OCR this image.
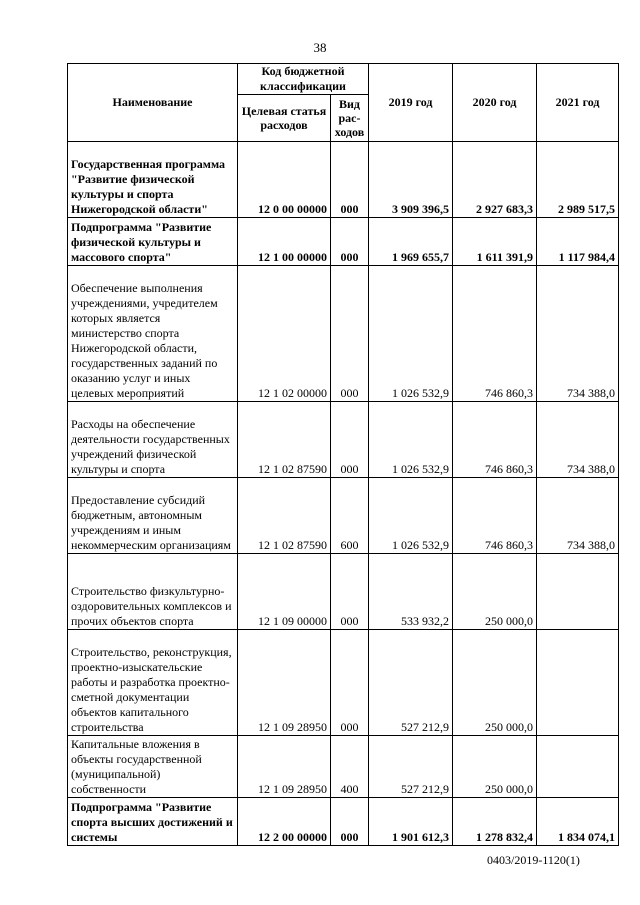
38
Наименование	Код бюджетной классификации		2019 год	2020 год	2021 год
	Целевая статья расходов	Вид рас-ходов			
Государственная программа "Развитие физической культуры и спорта Нижегородской области"	12 0 00 00000	000	3 909 396,5	2 927 683,3	2 989 517,5
Подпрограмма "Развитие физической культуры и массового спорта"	12 1 00 00000	000	1 969 655,7	1 611 391,9	1 117 984,4
Обеспечение выполнения учреждениями, учредителем которых является министерство спорта Нижегородской области, государственных заданий по оказанию услуг и иных целевых мероприятий	12 1 02 00000	000	1 026 532,9	746 860,3	734 388,0
Расходы на обеспечение деятельности государственных учреждений физической культуры и спорта	12 1 02 87590	000	1 026 532,9	746 860,3	734 388,0
Предоставление субсидий бюджетным, автономным учреждениям и иным некоммерческим организациям	12 1 02 87590	600	1 026 532,9	746 860,3	734 388,0
Строительство физкультурно-оздоровительных комплексов и прочих объектов спорта	12 1 09 00000	000	533 932,2	250 000,0	
Строительство, реконструкция, проектно-изыскательские работы и разработка проектно-сметной документации объектов капитального строительства	12 1 09 28950	000	527 212,9	250 000,0	
Капитальные вложения в объекты государственной (муниципальной) собственности	12 1 09 28950	400	527 212,9	250 000,0	
Подпрограмма "Развитие спорта высших достижений и системы	12 2 00 00000	000	1 901 612,3	1 278 832,4	1 834 074,1
0403/2019-1120(1)
